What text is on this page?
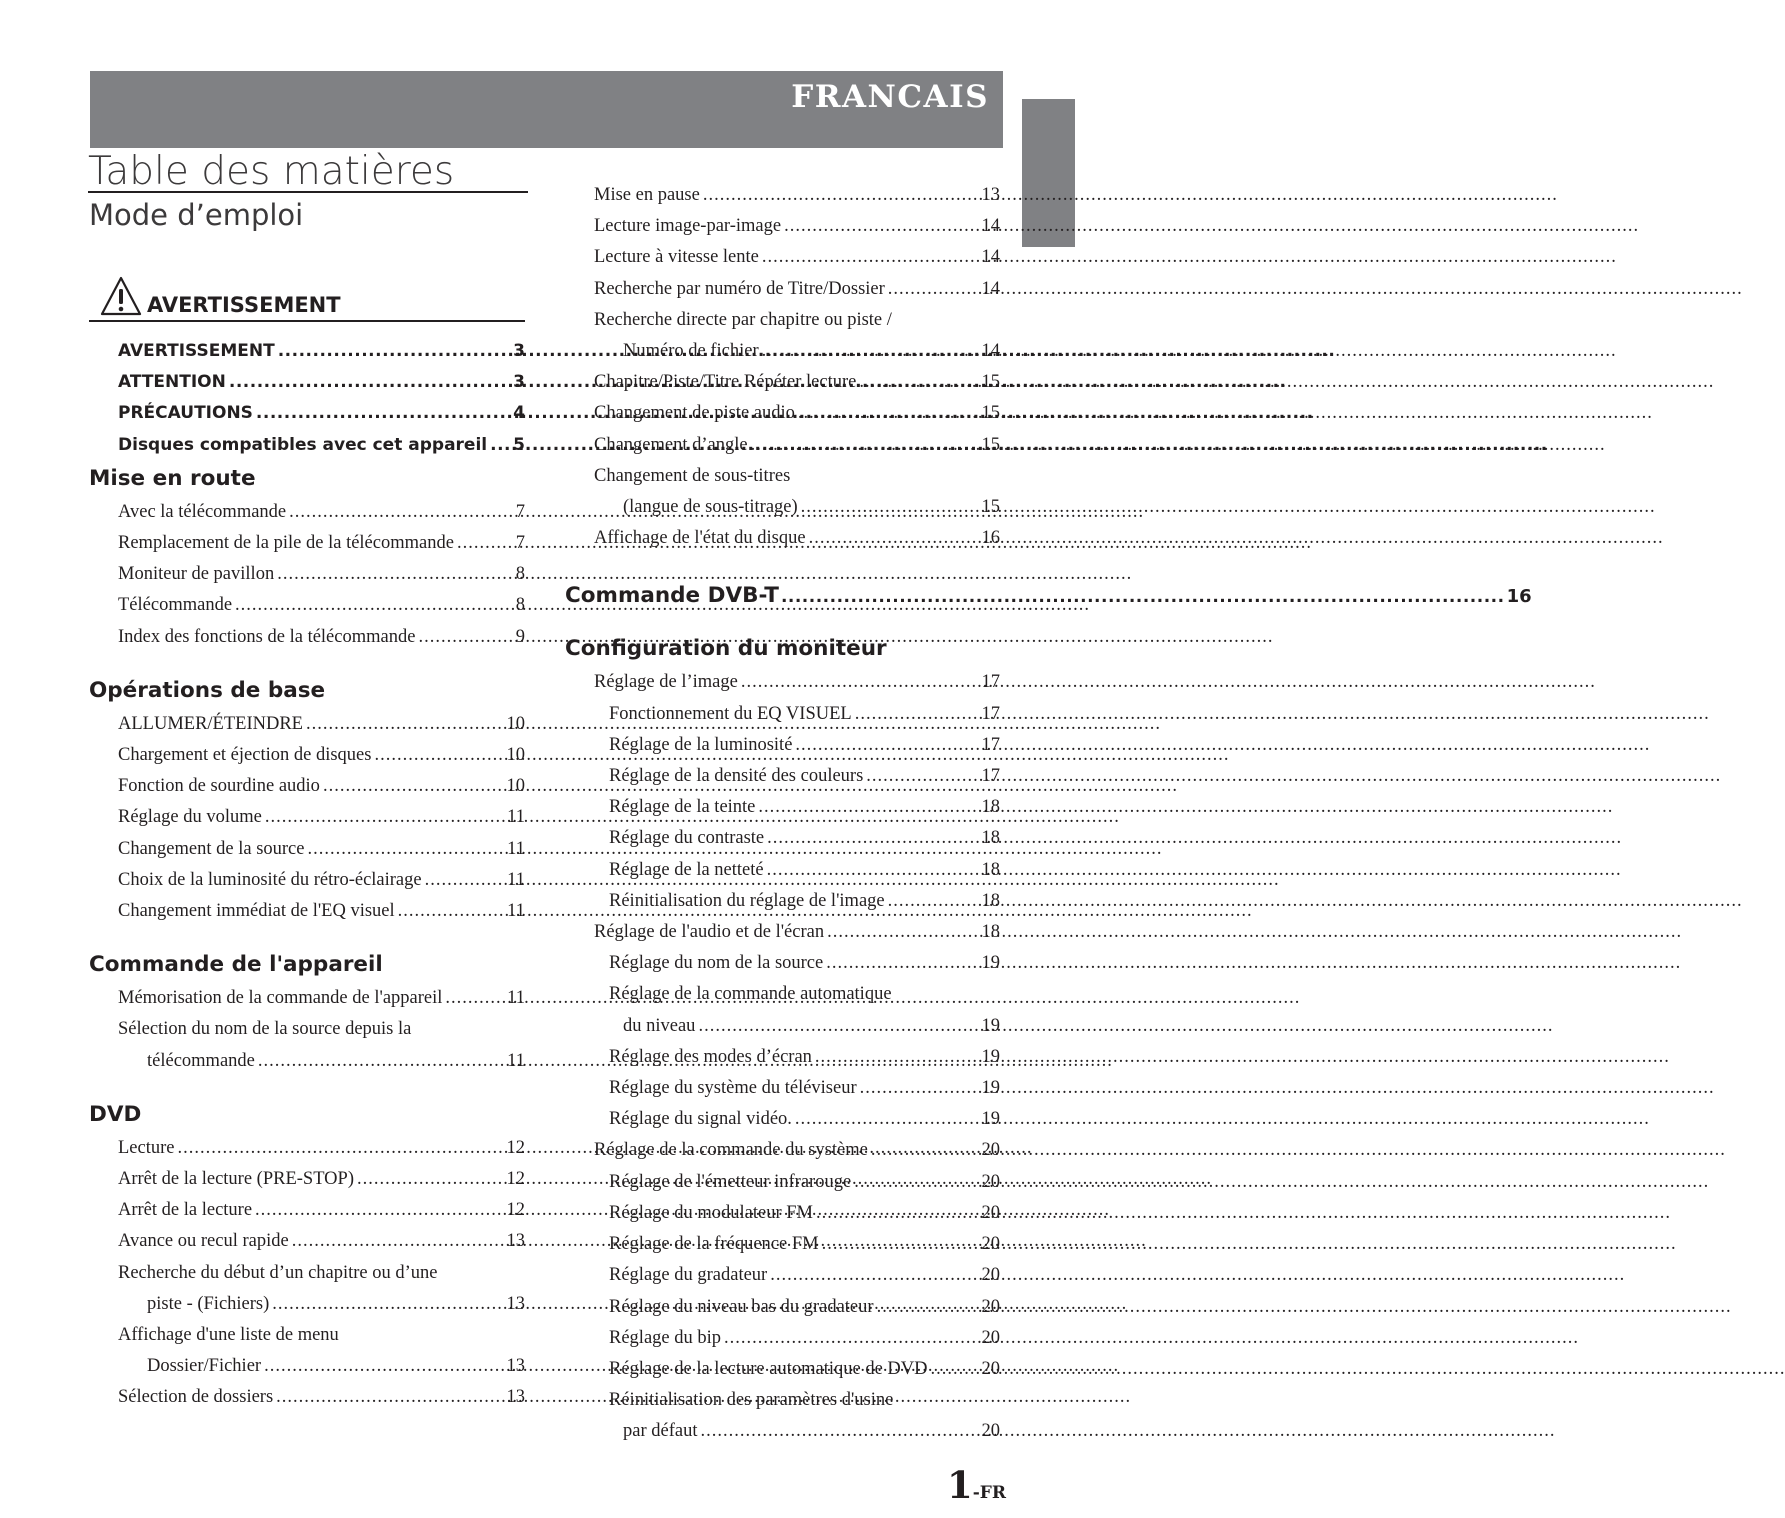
FRANCAIS
Table des matières
Mode d’emploi
AVERTISSEMENT
AVERTISSEMENT .....	3
ATTENTION .....	3
PRÉCAUTIONS .....	4
Disques compatibles avec cet appareil ..... 5
Mise en route
Avec la télécommande .....	7
Remplacement de la pile de la télécommande .....	7
Moniteur de pavillon .....	8
Télécommande .....	8
Index des fonctions de la télécommande .....	9
Opérations de base
ALLUMER/ÉTEINDRE .....	10
Chargement et éjection de disques .....	10
Fonction de sourdine audio .....	10
Réglage du volume .....	11
Changement de la source .....	11
Choix de la luminosité du rétro-éclairage .....	11
Changement immédiat de l'EQ visuel .....	11
Commande de l'appareil
Mémorisation de la commande de l'appareil .....	11
Sélection du nom de la source depuis la
télécommande .....	11
DVD
Lecture .....	12
Arrêt de la lecture (PRE-STOP) .....	12
Arrêt de la lecture .....	12
Avance ou recul rapide .....	13
Recherche du début d’un chapitre ou d’une
piste - (Fichiers) .....	13
Affichage d'une liste de menu
Dossier/Fichier .....	13
Sélection de dossiers .....	13
Mise en pause .....	13
Lecture image-par-image .....	14
Lecture à vitesse lente .....	14
Recherche par numéro de Titre/Dossier .....	14
Recherche directe par chapitre ou piste /
Numéro de fichier .....	14
Chapitre/Piste/Titre Répéter lecture .....	15
Changement de piste audio .....	15
Changement d’angle .....	15
Changement de sous-titres
(langue de sous-titrage) .....	15
Affichage de l'état du disque .....	16
Commande DVB-T .....	16
Configuration du moniteur
Réglage de l’image .....	17
Fonctionnement du EQ VISUEL .....	17
Réglage de la luminosité .....	17
Réglage de la densité des couleurs .....	17
Réglage de la teinte .....	18
Réglage du contraste .....	18
Réglage de la netteté .....	18
Réinitialisation du réglage de l'image .....	18
Réglage de l'audio et de l'écran .....	18
Réglage du nom de la source .....	19
Réglage de la commande automatique
du niveau .....	19
Réglage des modes d’écran .....	19
Réglage du système du téléviseur .....	19
Réglage du signal vidéo. .....	19
Réglage de la commande du système .....	20
Réglage de l'émetteur infrarouge .....	20
Réglage du modulateur FM .....	20
Réglage de la fréquence FM .....	20
Réglage du gradateur .....	20
Réglage du niveau bas du gradateur .....	20
Réglage du bip .....	20
Réglage de la lecture automatique de DVD .....	20
Réinitialisation des paramètres d'usine
par défaut .....	20
1-FR
